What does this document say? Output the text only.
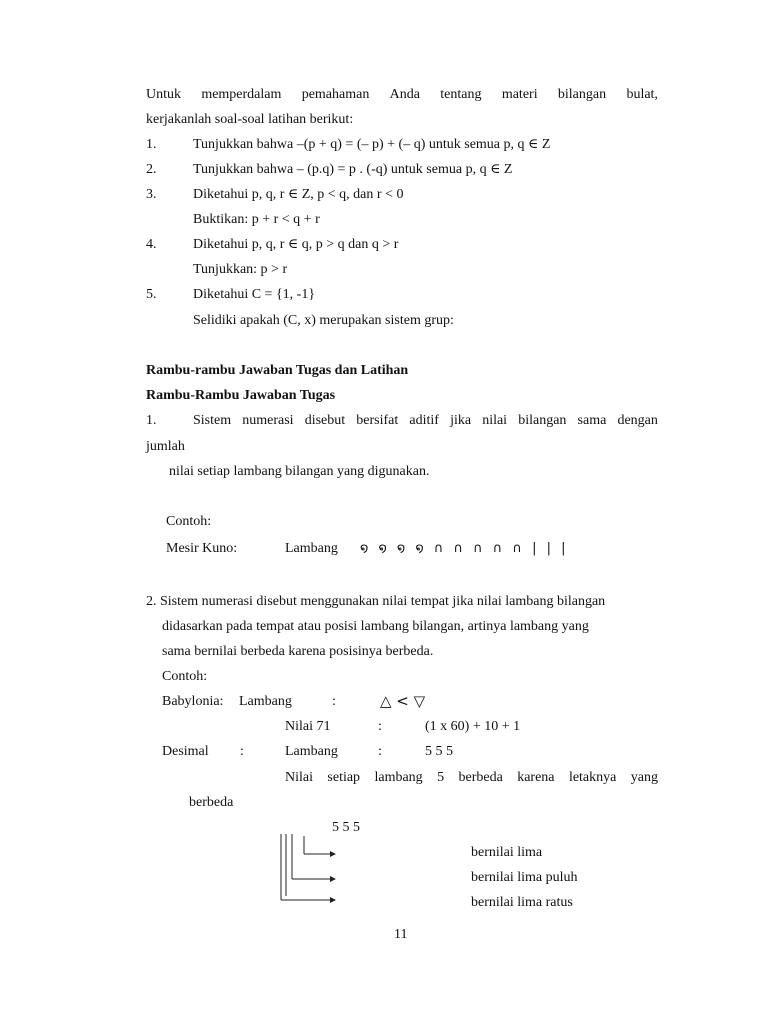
Untuk memperdalam pemahaman Anda tentang materi bilangan bulat,
kerjakanlah soal-soal latihan berikut:
1.	Tunjukkan bahwa –(p + q) = (– p) + (– q) untuk semua p, q ∈ Z
2.	Tunjukkan bahwa – (p.q) = p . (-q) untuk semua p, q ∈ Z
3.	Diketahui p, q, r ∈ Z, p < q, dan r < 0
Buktikan: p + r < q + r
4.	Diketahui p, q, r ∈ q, p > q dan q > r
Tunjukkan: p > r
5.	Diketahui C = {1, -1}
Selidiki apakah (C, x) merupakan sistem grup:
Rambu-rambu Jawaban Tugas dan Latihan
Rambu-Rambu Jawaban Tugas
1.	Sistem numerasi disebut bersifat aditif jika nilai bilangan sama dengan
jumlah
nilai setiap lambang bilangan yang digunakan.
Contoh:
Mesir Kuno:	Lambang ໑ ໑ ໑ ໑ ∩ ∩ ∩ ∩ ∩ | | |
2. Sistem numerasi disebut menggunakan nilai tempat jika nilai lambang bilangan
didasarkan pada tempat atau posisi lambang bilangan, artinya lambang yang
sama bernilai berbeda karena posisinya berbeda.
Contoh:
Babylonia: Lambang	:	△ < ▽
Nilai 71	:	(1 x 60) + 10 + 1
Desimal :	Lambang	:	5 5 5
Nilai setiap lambang 5 berbeda karena letaknya yang
berbeda
5 5 5
bernilai lima
bernilai lima puluh
bernilai lima ratus
11
